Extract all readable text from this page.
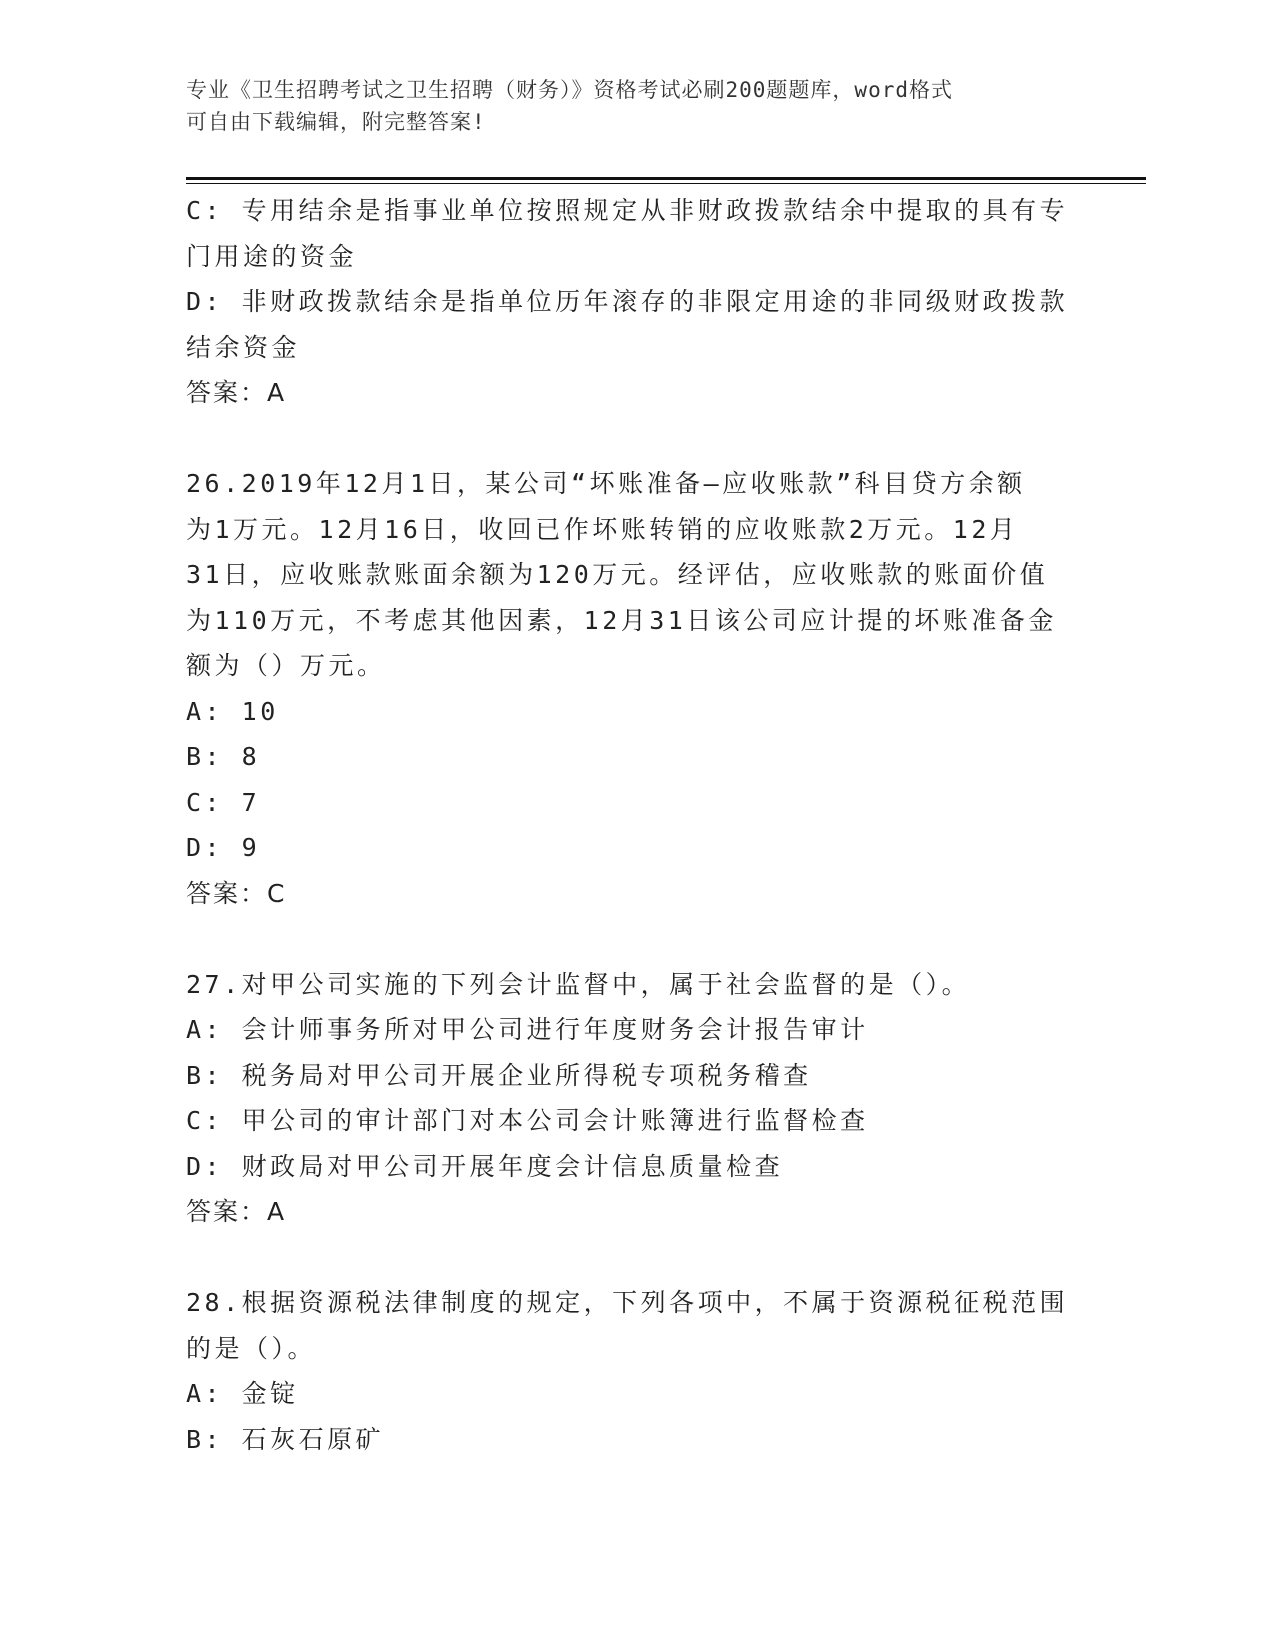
专业《卫生招聘考试之卫生招聘（财务）》资格考试必刷200题题库，word格式
可自由下载编辑，附完整答案!
C: 专用结余是指事业单位按照规定从非财政拨款结余中提取的具有专
门用途的资金
D: 非财政拨款结余是指单位历年滚存的非限定用途的非同级财政拨款
结余资金
答案：A
26.2019年12月1日，某公司“坏账准备—应收账款”科目贷方余额
为1万元。12月16日，收回已作坏账转销的应收账款2万元。12月
31日，应收账款账面余额为120万元。经评估，应收账款的账面价值
为110万元，不考虑其他因素，12月31日该公司应计提的坏账准备金
额为（）万元。
A: 10
B: 8
C: 7
D: 9
答案：C
27.对甲公司实施的下列会计监督中，属于社会监督的是（）。
A: 会计师事务所对甲公司进行年度财务会计报告审计
B: 税务局对甲公司开展企业所得税专项税务稽查
C: 甲公司的审计部门对本公司会计账簿进行监督检查
D: 财政局对甲公司开展年度会计信息质量检查
答案：A
28.根据资源税法律制度的规定，下列各项中，不属于资源税征税范围
的是（）。
A: 金锭
B: 石灰石原矿
